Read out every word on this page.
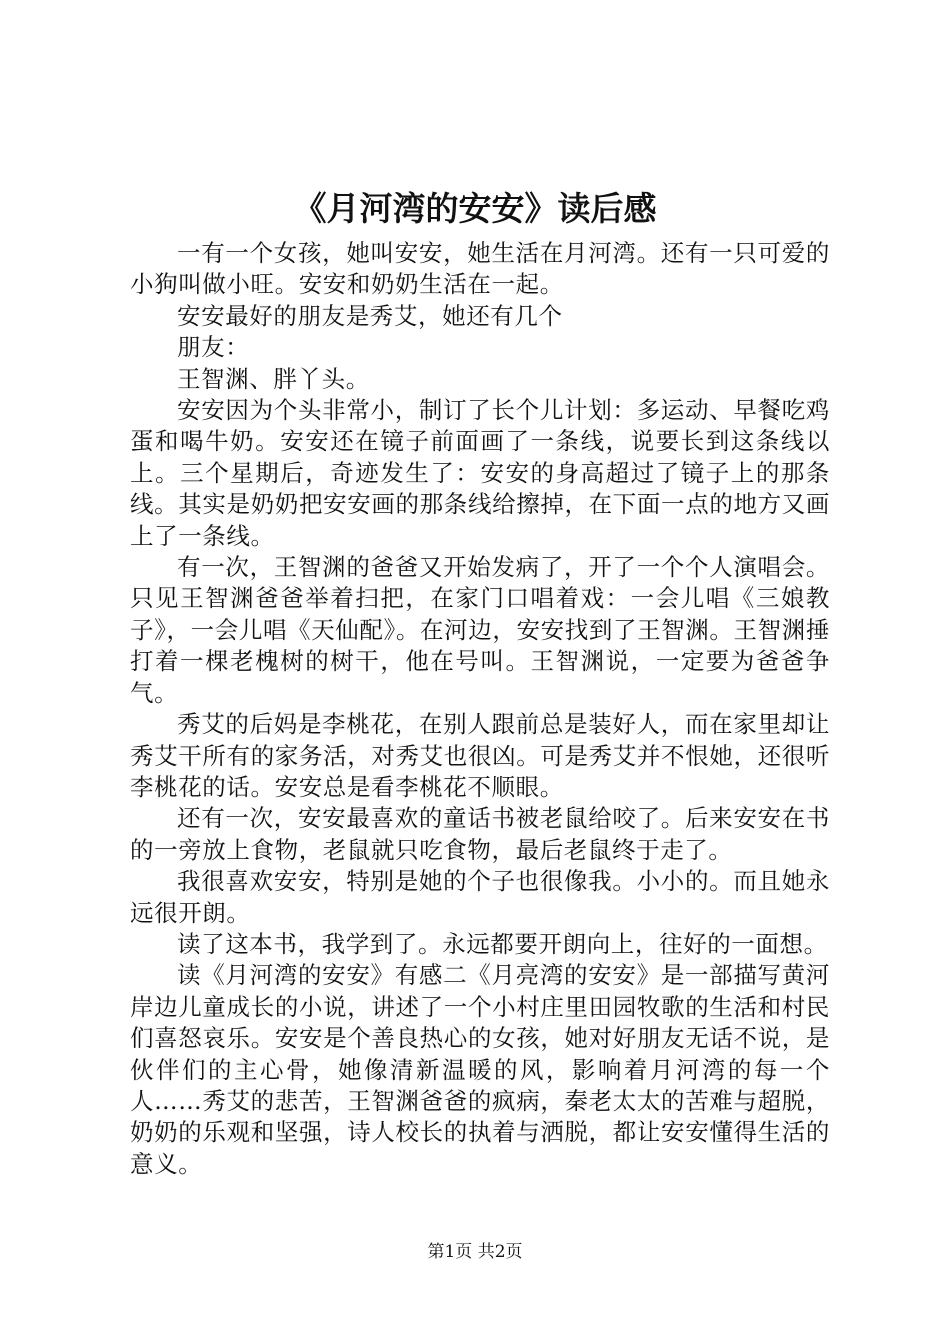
《月河湾的安安》读后感

一有一个女孩，她叫安安，她生活在月河湾。还有一只可爱的小狗叫做小旺。安安和奶奶生活在一起。

安安最好的朋友是秀艾，她还有几个

朋友：

王智渊、胖丫头。

安安因为个头非常小，制订了长个儿计划：多运动、早餐吃鸡蛋和喝牛奶。安安还在镜子前面画了一条线，说要长到这条线以上。三个星期后，奇迹发生了：安安的身高超过了镜子上的那条线。其实是奶奶把安安画的那条线给擦掉，在下面一点的地方又画上了一条线。

有一次，王智渊的爸爸又开始发病了，开了一个个人演唱会。只见王智渊爸爸举着扫把，在家门口唱着戏：一会儿唱《三娘教子》，一会儿唱《天仙配》。在河边，安安找到了王智渊。王智渊捶打着一棵老槐树的树干，他在号叫。王智渊说，一定要为爸爸争气。

秀艾的后妈是李桃花，在别人跟前总是装好人，而在家里却让秀艾干所有的家务活，对秀艾也很凶。可是秀艾并不恨她，还很听李桃花的话。安安总是看李桃花不顺眼。

还有一次，安安最喜欢的童话书被老鼠给咬了。后来安安在书的一旁放上食物，老鼠就只吃食物，最后老鼠终于走了。

我很喜欢安安，特别是她的个子也很像我。小小的。而且她永远很开朗。

读了这本书，我学到了。永远都要开朗向上，往好的一面想。

读《月河湾的安安》有感二《月亮湾的安安》是一部描写黄河岸边儿童成长的小说，讲述了一个小村庄里田园牧歌的生活和村民们喜怒哀乐。安安是个善良热心的女孩，她对好朋友无话不说，是伙伴们的主心骨，她像清新温暖的风，影响着月河湾的每一个人……秀艾的悲苦，王智渊爸爸的疯病，秦老太太的苦难与超脱，奶奶的乐观和坚强，诗人校长的执着与洒脱，都让安安懂得生活的意义。

第1页 共2页
